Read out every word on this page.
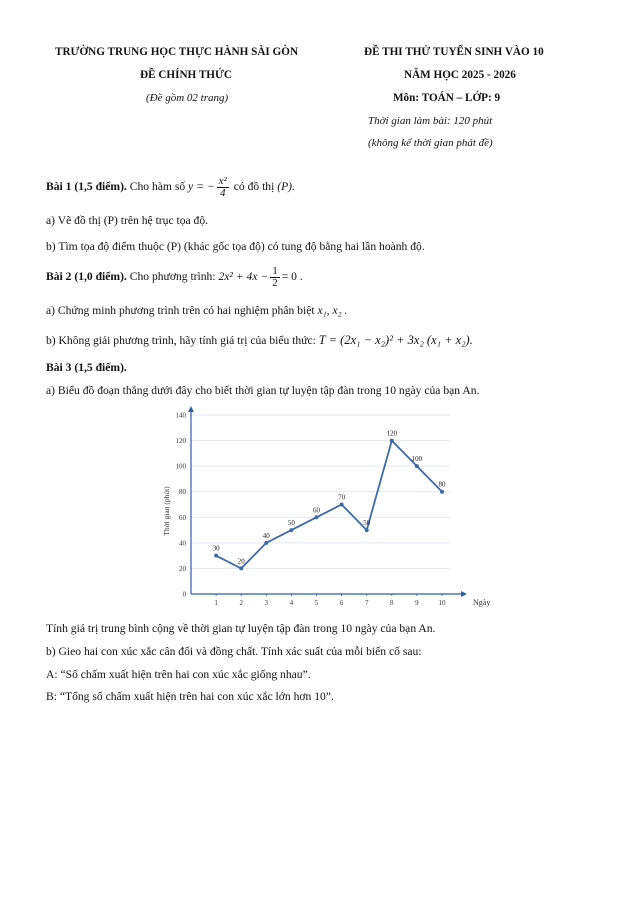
TRƯỜNG TRUNG HỌC THỰC HÀNH SÀI GÒN
ĐỀ CHÍNH THỨC
(Đề gồm 02 trang)
ĐỀ THI THỬ TUYỂN SINH VÀO 10
NĂM HỌC 2025 - 2026
Môn: TOÁN – LỚP: 9
Thời gian làm bài: 120 phút
(không kể thời gian phát đề)
Bài 1 (1,5 điểm). Cho hàm số y = − $\frac{\text{x²}}{4}$ có đồ thị (P).
a) Vẽ đồ thị (P) trên hệ trục tọa độ.
b) Tìm tọa độ điểm thuộc (P) (khác gốc tọa độ) có tung độ bằng hai lần hoành độ.
Bài 2 (1,0 điểm). Cho phương trình: $2x^2 + 4x - \frac{1}{2} = 0$ .
a) Chứng minh phương trình trên có hai nghiệm phân biệt x₁, x₂ .
b) Không giải phương trình, hãy tính giá trị của biểu thức: T = (2x₁ − x₂)² + 3x₂ (x₁ + x₂).
Bài 3 (1,5 điểm).
a) Biểu đồ đoạn thẳng dưới đây cho biết thời gian tự luyện tập đàn trong 10 ngày của bạn An.
0
20
40
60
80
100
120
140
1	2	3	4	5	6	7	8	9	10
30
20
40
50
60
70
50
120
100
80
Thời gian (phút)
Ngày
Tính giá trị trung bình cộng về thời gian tự luyện tập đàn trong 10 ngày của bạn An.
b) Gieo hai con xúc xắc cân đối và đồng chất. Tính xác suất của mỗi biến cố sau:
A: “Số chấm xuất hiện trên hai con xúc xắc giống nhau”.
B: “Tổng số chấm xuất hiện trên hai con xúc xắc lớn hơn 10”.
